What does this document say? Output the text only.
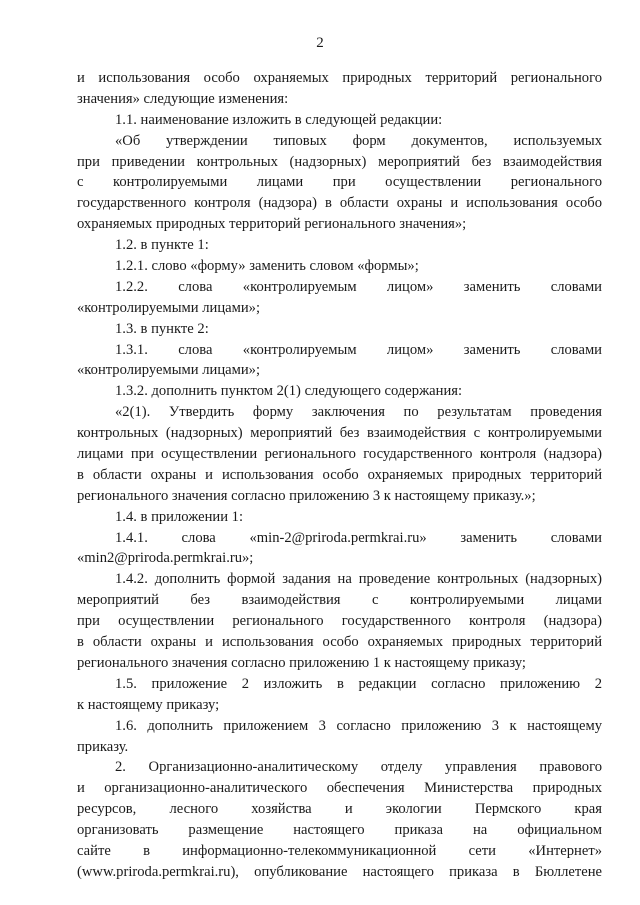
2
и использования особо охраняемых природных территорий регионального
значения» следующие изменения:
1.1. наименование изложить в следующей редакции:
«Об утверждении типовых форм документов, используемых
при приведении контрольных (надзорных) мероприятий без взаимодействия
с контролируемыми лицами при осуществлении регионального
государственного контроля (надзора) в области охраны и использования особо
охраняемых природных территорий регионального значения»;
1.2. в пункте 1:
1.2.1. слово «форму» заменить словом «формы»;
1.2.2. слова «контролируемым лицом» заменить словами
«контролируемыми лицами»;
1.3. в пункте 2:
1.3.1. слова «контролируемым лицом» заменить словами
«контролируемыми лицами»;
1.3.2. дополнить пунктом 2(1) следующего содержания:
«2(1). Утвердить форму заключения по результатам проведения
контрольных (надзорных) мероприятий без взаимодействия с контролируемыми
лицами при осуществлении регионального государственного контроля (надзора)
в области охраны и использования особо охраняемых природных территорий
регионального значения согласно приложению 3 к настоящему приказу.»;
1.4. в приложении 1:
1.4.1. слова «min-2@priroda.permkrai.ru» заменить словами
«min2@priroda.permkrai.ru»;
1.4.2. дополнить формой задания на проведение контрольных (надзорных)
мероприятий без взаимодействия с контролируемыми лицами
при осуществлении регионального государственного контроля (надзора)
в области охраны и использования особо охраняемых природных территорий
регионального значения согласно приложению 1 к настоящему приказу;
1.5. приложение 2 изложить в редакции согласно приложению 2
к настоящему приказу;
1.6. дополнить приложением 3 согласно приложению 3 к настоящему
приказу.
2. Организационно-аналитическому отделу управления правового
и организационно-аналитического обеспечения Министерства природных
ресурсов, лесного хозяйства и экологии Пермского края
организовать размещение настоящего приказа на официальном
сайте в информационно-телекоммуникационной сети «Интернет»
(www.priroda.permkrai.ru), опубликование настоящего приказа в Бюллетене
